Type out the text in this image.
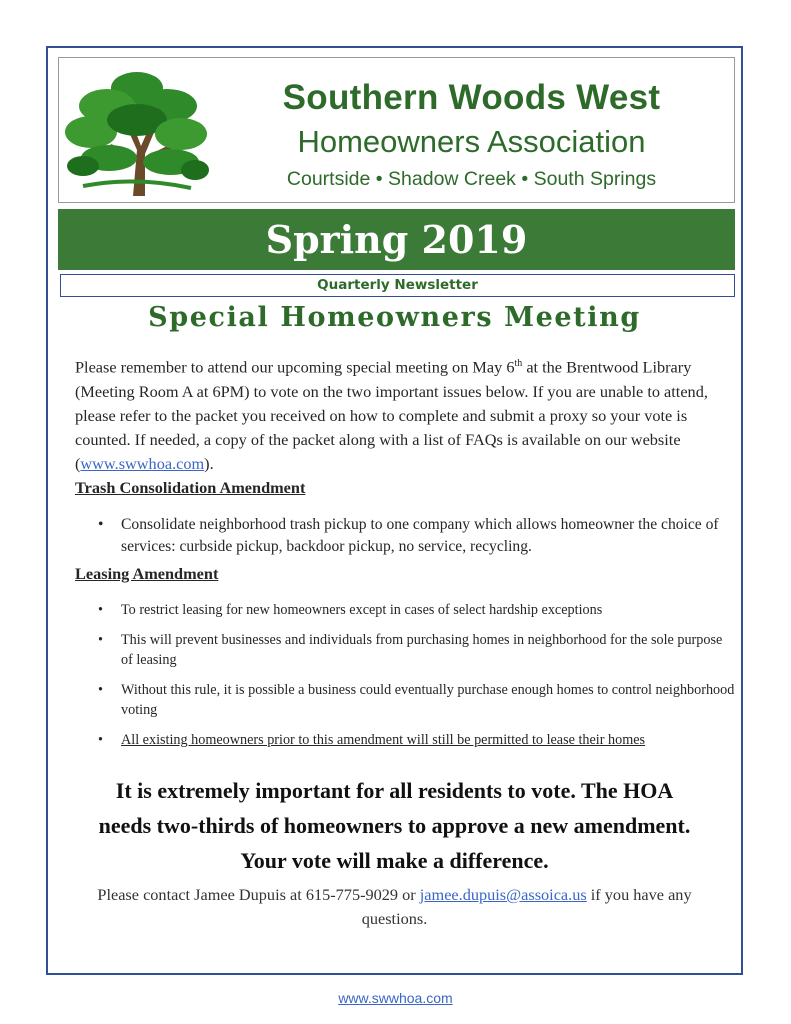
Southern Woods West
Homeowners Association
Courtside • Shadow Creek • South Springs
Spring 2019
Quarterly Newsletter
Special Homeowners Meeting
Please remember to attend our upcoming special meeting on May 6th at the Brentwood Library (Meeting Room A at 6PM) to vote on the two important issues below. If you are unable to attend, please refer to the packet you received on how to complete and submit a proxy so your vote is counted. If needed, a copy of the packet along with a list of FAQs is available on our website (www.swwhoa.com).
Trash Consolidation Amendment
• Consolidate neighborhood trash pickup to one company which allows homeowner the choice of services: curbside pickup, backdoor pickup, no service, recycling.
Leasing Amendment
• To restrict leasing for new homeowners except in cases of select hardship exceptions
• This will prevent businesses and individuals from purchasing homes in neighborhood for the sole purpose of leasing
• Without this rule, it is possible a business could eventually purchase enough homes to control neighborhood voting
• All existing homeowners prior to this amendment will still be permitted to lease their homes
It is extremely important for all residents to vote. The HOA
needs two-thirds of homeowners to approve a new amendment.
Your vote will make a difference.
Please contact Jamee Dupuis at 615-775-9029 or jamee.dupuis@assoica.us if you have any questions.
www.swwhoa.com
